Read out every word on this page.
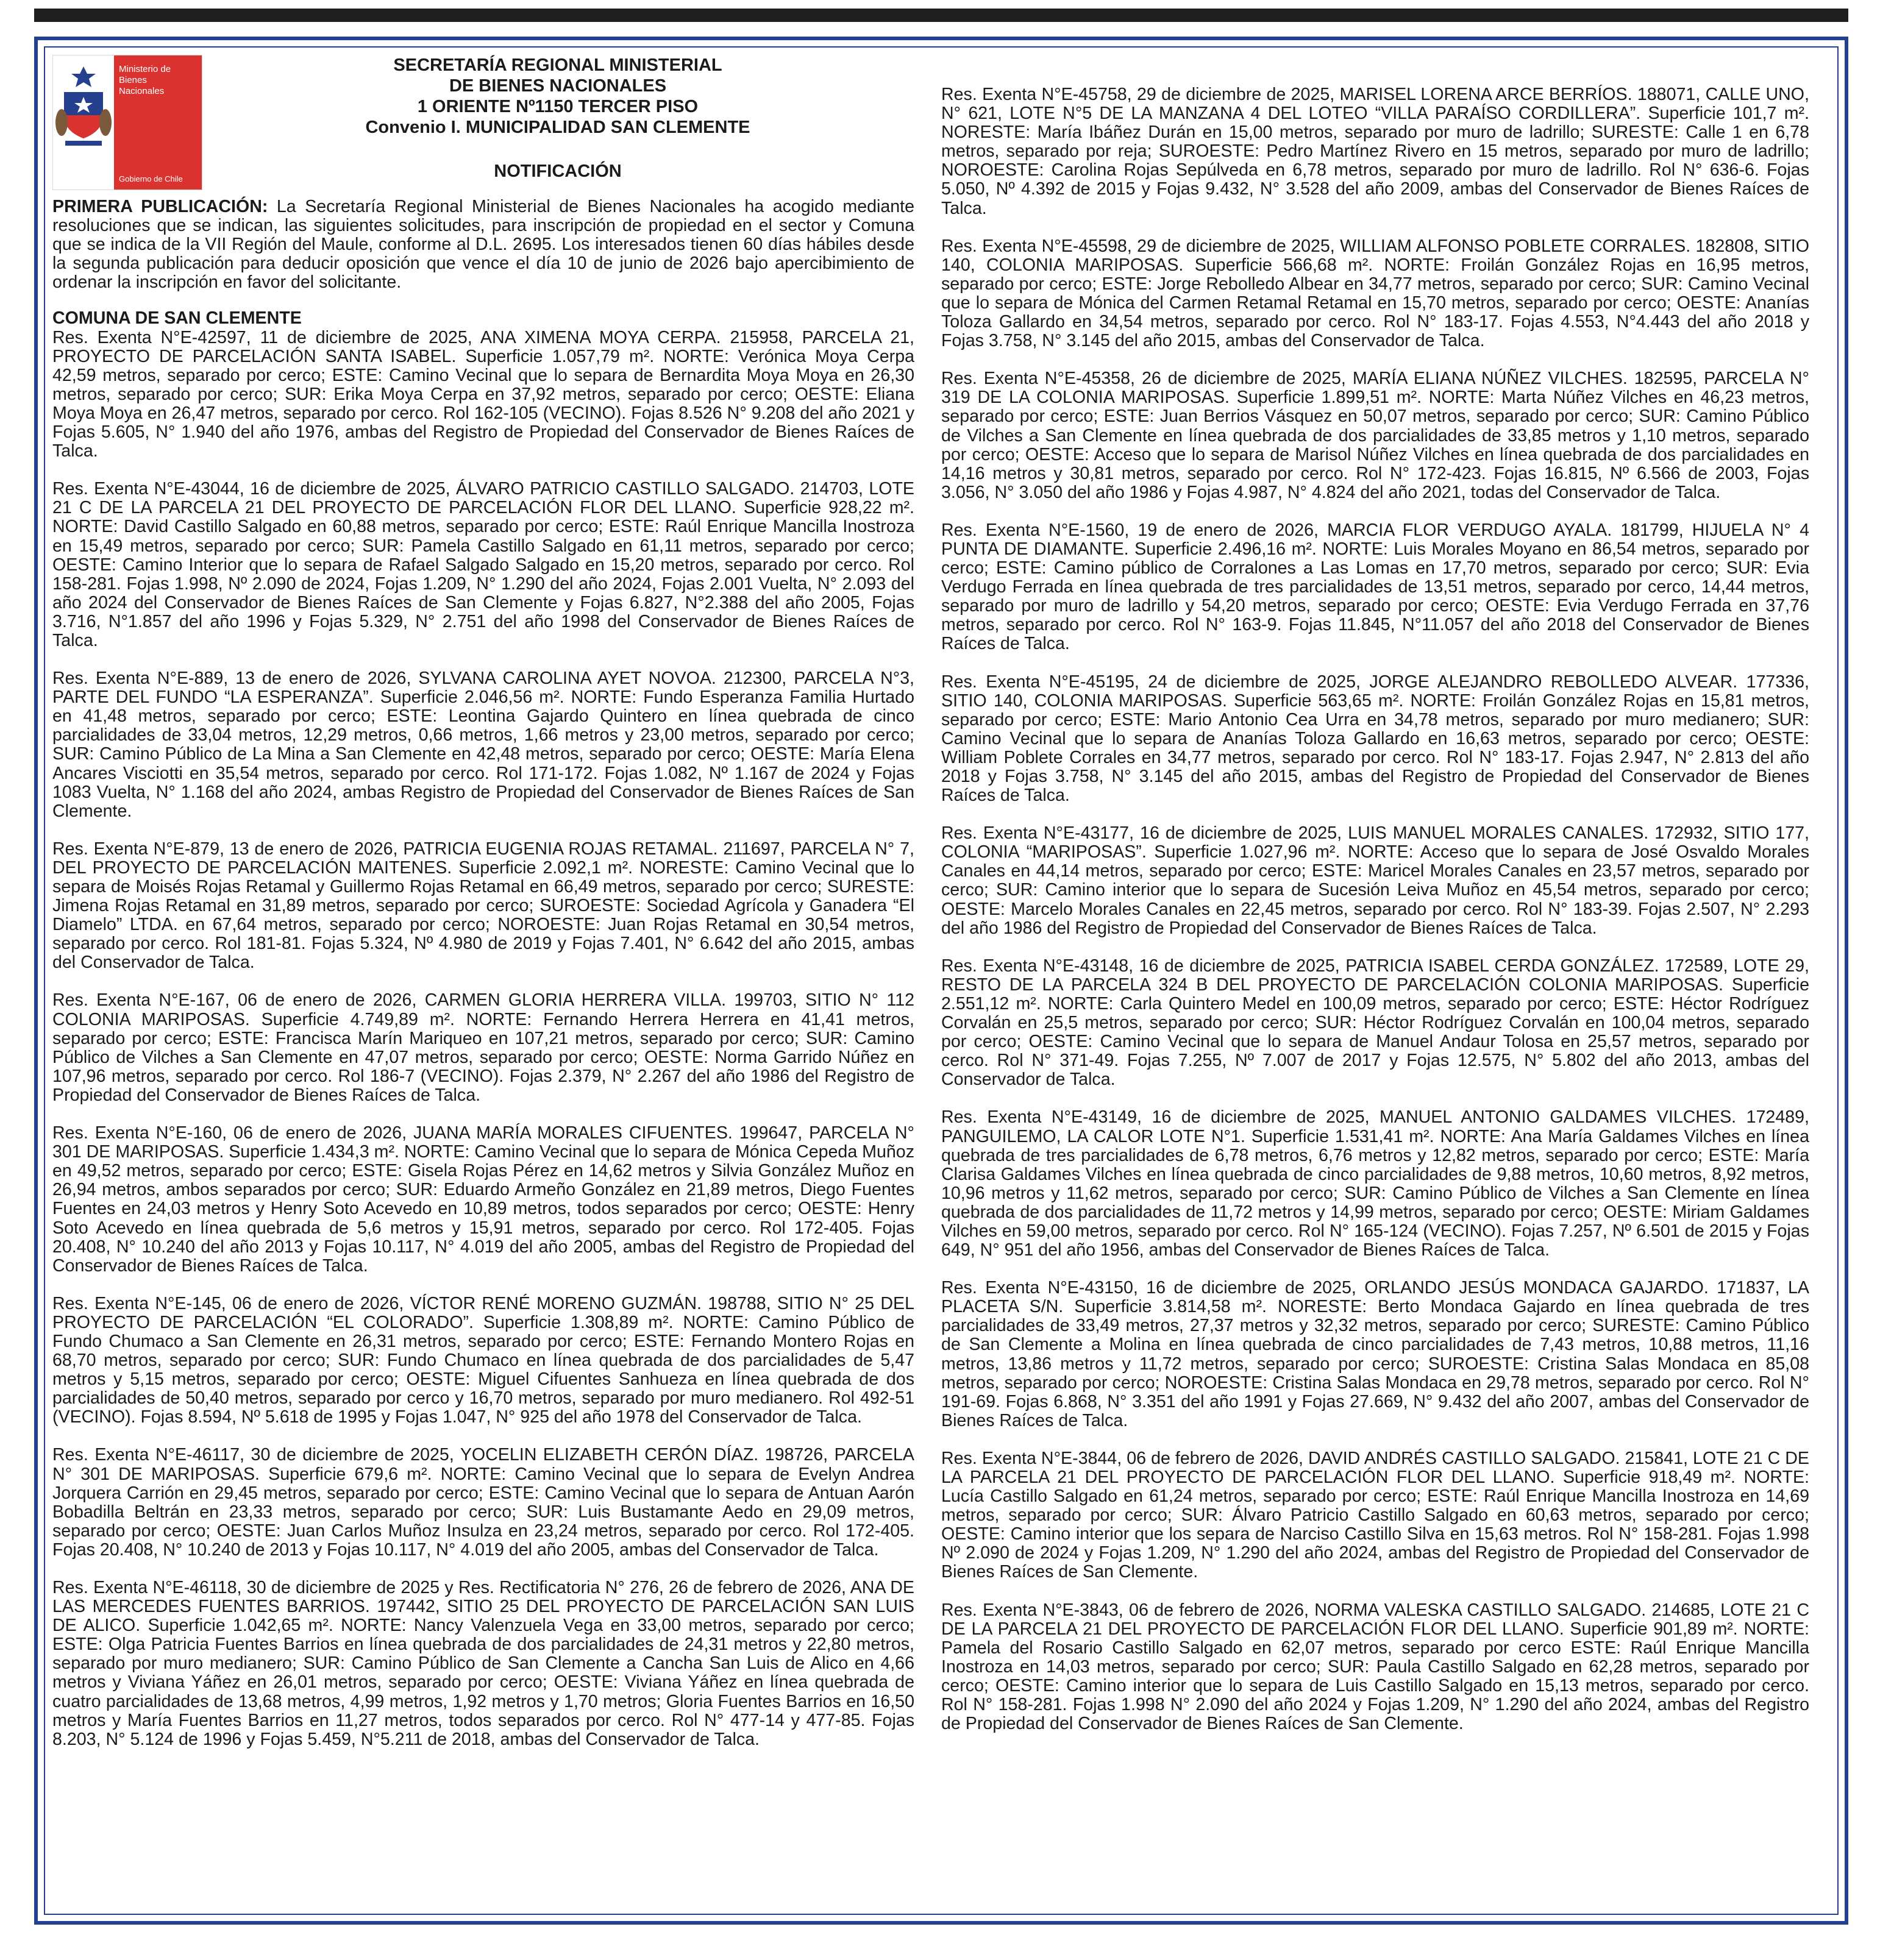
Ministerio de
Bienes
Nacionales
Gobierno de Chile
SECRETARÍA REGIONAL MINISTERIAL
DE BIENES NACIONALES
1 ORIENTE Nº1150 TERCER PISO
Convenio I. MUNICIPALIDAD SAN CLEMENTE
NOTIFICACIÓN

PRIMERA PUBLICACIÓN: La Secretaría Regional Ministerial de Bienes Nacionales ha acogido mediante resoluciones que se indican, las siguientes solicitudes, para inscripción de propiedad en el sector y Comuna que se indica de la VII Región del Maule, conforme al D.L. 2695. Los interesados tienen 60 días hábiles desde la segunda publicación para deducir oposición que vence el día 10 de junio de 2026 bajo apercibimiento de ordenar la inscripción en favor del solicitante.

COMUNA DE SAN CLEMENTE

Res. Exenta N°E-42597, 11 de diciembre de 2025, ANA XIMENA MOYA CERPA. 215958, PARCELA 21, PROYECTO DE PARCELACIÓN SANTA ISABEL. Superficie 1.057,79 m². NORTE: Verónica Moya Cerpa 42,59 metros, separado por cerco; ESTE: Camino Vecinal que lo separa de Bernardita Moya Moya en 26,30 metros, separado por cerco; SUR: Erika Moya Cerpa en 37,92 metros, separado por cerco; OESTE: Eliana Moya Moya en 26,47 metros, separado por cerco. Rol 162-105 (VECINO). Fojas 8.526 N° 9.208 del año 2021 y Fojas 5.605, N° 1.940 del año 1976, ambas del Registro de Propiedad del Conservador de Bienes Raíces de Talca.

Res. Exenta N°E-43044, 16 de diciembre de 2025, ÁLVARO PATRICIO CASTILLO SALGADO. 214703, LOTE 21 C DE LA PARCELA 21 DEL PROYECTO DE PARCELACIÓN FLOR DEL LLANO. Superficie 928,22 m². NORTE: David Castillo Salgado en 60,88 metros, separado por cerco; ESTE: Raúl Enrique Mancilla Inostroza en 15,49 metros, separado por cerco; SUR: Pamela Castillo Salgado en 61,11 metros, separado por cerco; OESTE: Camino Interior que lo separa de Rafael Salgado Salgado en 15,20 metros, separado por cerco. Rol 158-281. Fojas 1.998, Nº 2.090 de 2024, Fojas 1.209, N° 1.290 del año 2024, Fojas 2.001 Vuelta, N° 2.093 del año 2024 del Conservador de Bienes Raíces de San Clemente y Fojas 6.827, N°2.388 del año 2005, Fojas 3.716, N°1.857 del año 1996 y Fojas 5.329, N° 2.751 del año 1998 del Conservador de Bienes Raíces de Talca.

Res. Exenta N°E-889, 13 de enero de 2026, SYLVANA CAROLINA AYET NOVOA. 212300, PARCELA N°3, PARTE DEL FUNDO “LA ESPERANZA”. Superficie 2.046,56 m². NORTE: Fundo Esperanza Familia Hurtado en 41,48 metros, separado por cerco; ESTE: Leontina Gajardo Quintero en línea quebrada de cinco parcialidades de 33,04 metros, 12,29 metros, 0,66 metros, 1,66 metros y 23,00 metros, separado por cerco; SUR: Camino Público de La Mina a San Clemente en 42,48 metros, separado por cerco; OESTE: María Elena Ancares Visciotti en 35,54 metros, separado por cerco. Rol 171-172. Fojas 1.082, Nº 1.167 de 2024 y Fojas 1083 Vuelta, N° 1.168 del año 2024, ambas Registro de Propiedad del Conservador de Bienes Raíces de San Clemente.

Res. Exenta N°E-879, 13 de enero de 2026, PATRICIA EUGENIA ROJAS RETAMAL. 211697, PARCELA N° 7, DEL PROYECTO DE PARCELACIÓN MAITENES. Superficie 2.092,1 m². NORESTE: Camino Vecinal que lo separa de Moisés Rojas Retamal y Guillermo Rojas Retamal en 66,49 metros, separado por cerco; SURESTE: Jimena Rojas Retamal en 31,89 metros, separado por cerco; SUROESTE: Sociedad Agrícola y Ganadera “El Diamelo” LTDA. en 67,64 metros, separado por cerco; NOROESTE: Juan Rojas Retamal en 30,54 metros, separado por cerco. Rol 181-81. Fojas 5.324, Nº 4.980 de 2019 y Fojas 7.401, N° 6.642 del año 2015, ambas del Conservador de Talca.

Res. Exenta N°E-167, 06 de enero de 2026, CARMEN GLORIA HERRERA VILLA. 199703, SITIO N° 112 COLONIA MARIPOSAS. Superficie 4.749,89 m². NORTE: Fernando Herrera Herrera en 41,41 metros, separado por cerco; ESTE: Francisca Marín Mariqueo en 107,21 metros, separado por cerco; SUR: Camino Público de Vilches a San Clemente en 47,07 metros, separado por cerco; OESTE: Norma Garrido Núñez en 107,96 metros, separado por cerco. Rol 186-7 (VECINO). Fojas 2.379, N° 2.267 del año 1986 del Registro de Propiedad del Conservador de Bienes Raíces de Talca.

Res. Exenta N°E-160, 06 de enero de 2026, JUANA MARÍA MORALES CIFUENTES. 199647, PARCELA N° 301 DE MARIPOSAS. Superficie 1.434,3 m². NORTE: Camino Vecinal que lo separa de Mónica Cepeda Muñoz en 49,52 metros, separado por cerco; ESTE: Gisela Rojas Pérez en 14,62 metros y Silvia González Muñoz en 26,94 metros, ambos separados por cerco; SUR: Eduardo Armeño González en 21,89 metros, Diego Fuentes Fuentes en 24,03 metros y Henry Soto Acevedo en 10,89 metros, todos separados por cerco; OESTE: Henry Soto Acevedo en línea quebrada de 5,6 metros y 15,91 metros, separado por cerco. Rol 172-405. Fojas 20.408, N° 10.240 del año 2013 y Fojas 10.117, N° 4.019 del año 2005, ambas del Registro de Propiedad del Conservador de Bienes Raíces de Talca.

Res. Exenta N°E-145, 06 de enero de 2026, VÍCTOR RENÉ MORENO GUZMÁN. 198788, SITIO N° 25 DEL PROYECTO DE PARCELACIÓN “EL COLORADO”. Superficie 1.308,89 m². NORTE: Camino Público de Fundo Chumaco a San Clemente en 26,31 metros, separado por cerco; ESTE: Fernando Montero Rojas en 68,70 metros, separado por cerco; SUR: Fundo Chumaco en línea quebrada de dos parcialidades de 5,47 metros y 5,15 metros, separado por cerco; OESTE: Miguel Cifuentes Sanhueza en línea quebrada de dos parcialidades de 50,40 metros, separado por cerco y 16,70 metros, separado por muro medianero. Rol 492-51 (VECINO). Fojas 8.594, Nº 5.618 de 1995 y Fojas 1.047, N° 925 del año 1978 del Conservador de Talca.

Res. Exenta N°E-46117, 30 de diciembre de 2025, YOCELIN ELIZABETH CERÓN DÍAZ. 198726, PARCELA N° 301 DE MARIPOSAS. Superficie 679,6 m². NORTE: Camino Vecinal que lo separa de Evelyn Andrea Jorquera Carrión en 29,45 metros, separado por cerco; ESTE: Camino Vecinal que lo separa de Antuan Aarón Bobadilla Beltrán en 23,33 metros, separado por cerco; SUR: Luis Bustamante Aedo en 29,09 metros, separado por cerco; OESTE: Juan Carlos Muñoz Insulza en 23,24 metros, separado por cerco. Rol 172-405. Fojas 20.408, N° 10.240 de 2013 y Fojas 10.117, N° 4.019 del año 2005, ambas del Conservador de Talca.

Res. Exenta N°E-46118, 30 de diciembre de 2025 y Res. Rectificatoria N° 276, 26 de febrero de 2026, ANA DE LAS MERCEDES FUENTES BARRIOS. 197442, SITIO 25 DEL PROYECTO DE PARCELACIÓN SAN LUIS DE ALICO. Superficie 1.042,65 m². NORTE: Nancy Valenzuela Vega en 33,00 metros, separado por cerco; ESTE: Olga Patricia Fuentes Barrios en línea quebrada de dos parcialidades de 24,31 metros y 22,80 metros, separado por muro medianero; SUR: Camino Público de San Clemente a Cancha San Luis de Alico en 4,66 metros y Viviana Yáñez en 26,01 metros, separado por cerco; OESTE: Viviana Yáñez en línea quebrada de cuatro parcialidades de 13,68 metros, 4,99 metros, 1,92 metros y 1,70 metros; Gloria Fuentes Barrios en 16,50 metros y María Fuentes Barrios en 11,27 metros, todos separados por cerco. Rol N° 477-14 y 477-85. Fojas 8.203, N° 5.124 de 1996 y Fojas 5.459, N°5.211 de 2018, ambas del Conservador de Talca.

Res. Exenta N°E-45758, 29 de diciembre de 2025, MARISEL LORENA ARCE BERRÍOS. 188071, CALLE UNO, N° 621, LOTE N°5 DE LA MANZANA 4 DEL LOTEO “VILLA PARAÍSO CORDILLERA”. Superficie 101,7 m². NORESTE: María Ibáñez Durán en 15,00 metros, separado por muro de ladrillo; SURESTE: Calle 1 en 6,78 metros, separado por reja; SUROESTE: Pedro Martínez Rivero en 15 metros, separado por muro de ladrillo; NOROESTE: Carolina Rojas Sepúlveda en 6,78 metros, separado por muro de ladrillo. Rol N° 636-6. Fojas 5.050, Nº 4.392 de 2015 y Fojas 9.432, N° 3.528 del año 2009, ambas del Conservador de Bienes Raíces de Talca.

Res. Exenta N°E-45598, 29 de diciembre de 2025, WILLIAM ALFONSO POBLETE CORRALES. 182808, SITIO 140, COLONIA MARIPOSAS. Superficie 566,68 m². NORTE: Froilán González Rojas en 16,95 metros, separado por cerco; ESTE: Jorge Rebolledo Albear en 34,77 metros, separado por cerco; SUR: Camino Vecinal que lo separa de Mónica del Carmen Retamal Retamal en 15,70 metros, separado por cerco; OESTE: Ananías Toloza Gallardo en 34,54 metros, separado por cerco. Rol N° 183-17. Fojas 4.553, N°4.443 del año 2018 y Fojas 3.758, N° 3.145 del año 2015, ambas del Conservador de Talca.

Res. Exenta N°E-45358, 26 de diciembre de 2025, MARÍA ELIANA NÚÑEZ VILCHES. 182595, PARCELA N° 319 DE LA COLONIA MARIPOSAS. Superficie 1.899,51 m². NORTE: Marta Núñez Vilches en 46,23 metros, separado por cerco; ESTE: Juan Berrios Vásquez en 50,07 metros, separado por cerco; SUR: Camino Público de Vilches a San Clemente en línea quebrada de dos parcialidades de 33,85 metros y 1,10 metros, separado por cerco; OESTE: Acceso que lo separa de Marisol Núñez Vilches en línea quebrada de dos parcialidades en 14,16 metros y 30,81 metros, separado por cerco. Rol N° 172-423. Fojas 16.815, Nº 6.566 de 2003, Fojas 3.056, N° 3.050 del año 1986 y Fojas 4.987, N° 4.824 del año 2021, todas del Conservador de Talca.

Res. Exenta N°E-1560, 19 de enero de 2026, MARCIA FLOR VERDUGO AYALA. 181799, HIJUELA N° 4 PUNTA DE DIAMANTE. Superficie 2.496,16 m². NORTE: Luis Morales Moyano en 86,54 metros, separado por cerco; ESTE: Camino público de Corralones a Las Lomas en 17,70 metros, separado por cerco; SUR: Evia Verdugo Ferrada en línea quebrada de tres parcialidades de 13,51 metros, separado por cerco, 14,44 metros, separado por muro de ladrillo y 54,20 metros, separado por cerco; OESTE: Evia Verdugo Ferrada en 37,76 metros, separado por cerco. Rol N° 163-9. Fojas 11.845, N°11.057 del año 2018 del Conservador de Bienes Raíces de Talca.

Res. Exenta N°E-45195, 24 de diciembre de 2025, JORGE ALEJANDRO REBOLLEDO ALVEAR. 177336, SITIO 140, COLONIA MARIPOSAS. Superficie 563,65 m². NORTE: Froilán González Rojas en 15,81 metros, separado por cerco; ESTE: Mario Antonio Cea Urra en 34,78 metros, separado por muro medianero; SUR: Camino Vecinal que lo separa de Ananías Toloza Gallardo en 16,63 metros, separado por cerco; OESTE: William Poblete Corrales en 34,77 metros, separado por cerco. Rol N° 183-17. Fojas 2.947, N° 2.813 del año 2018 y Fojas 3.758, N° 3.145 del año 2015, ambas del Registro de Propiedad del Conservador de Bienes Raíces de Talca.

Res. Exenta N°E-43177, 16 de diciembre de 2025, LUIS MANUEL MORALES CANALES. 172932, SITIO 177, COLONIA “MARIPOSAS”. Superficie 1.027,96 m². NORTE: Acceso que lo separa de José Osvaldo Morales Canales en 44,14 metros, separado por cerco; ESTE: Maricel Morales Canales en 23,57 metros, separado por cerco; SUR: Camino interior que lo separa de Sucesión Leiva Muñoz en 45,54 metros, separado por cerco; OESTE: Marcelo Morales Canales en 22,45 metros, separado por cerco. Rol N° 183-39. Fojas 2.507, N° 2.293 del año 1986 del Registro de Propiedad del Conservador de Bienes Raíces de Talca.

Res. Exenta N°E-43148, 16 de diciembre de 2025, PATRICIA ISABEL CERDA GONZÁLEZ. 172589, LOTE 29, RESTO DE LA PARCELA 324 B DEL PROYECTO DE PARCELACIÓN COLONIA MARIPOSAS. Superficie 2.551,12 m². NORTE: Carla Quintero Medel en 100,09 metros, separado por cerco; ESTE: Héctor Rodríguez Corvalán en 25,5 metros, separado por cerco; SUR: Héctor Rodríguez Corvalán en 100,04 metros, separado por cerco; OESTE: Camino Vecinal que lo separa de Manuel Andaur Tolosa en 25,57 metros, separado por cerco. Rol N° 371-49. Fojas 7.255, Nº 7.007 de 2017 y Fojas 12.575, N° 5.802 del año 2013, ambas del Conservador de Talca.

Res. Exenta N°E-43149, 16 de diciembre de 2025, MANUEL ANTONIO GALDAMES VILCHES. 172489, PANGUILEMO, LA CALOR LOTE N°1. Superficie 1.531,41 m². NORTE: Ana María Galdames Vilches en línea quebrada de tres parcialidades de 6,78 metros, 6,76 metros y 12,82 metros, separado por cerco; ESTE: María Clarisa Galdames Vilches en línea quebrada de cinco parcialidades de 9,88 metros, 10,60 metros, 8,92 metros, 10,96 metros y 11,62 metros, separado por cerco; SUR: Camino Público de Vilches a San Clemente en línea quebrada de dos parcialidades de 11,72 metros y 14,99 metros, separado por cerco; OESTE: Miriam Galdames Vilches en 59,00 metros, separado por cerco. Rol N° 165-124 (VECINO). Fojas 7.257, Nº 6.501 de 2015 y Fojas 649, N° 951 del año 1956, ambas del Conservador de Bienes Raíces de Talca.

Res. Exenta N°E-43150, 16 de diciembre de 2025, ORLANDO JESÚS MONDACA GAJARDO. 171837, LA PLACETA S/N. Superficie 3.814,58 m². NORESTE: Berto Mondaca Gajardo en línea quebrada de tres parcialidades de 33,49 metros, 27,37 metros y 32,32 metros, separado por cerco; SURESTE: Camino Público de San Clemente a Molina en línea quebrada de cinco parcialidades de 7,43 metros, 10,88 metros, 11,16 metros, 13,86 metros y 11,72 metros, separado por cerco; SUROESTE: Cristina Salas Mondaca en 85,08 metros, separado por cerco; NOROESTE: Cristina Salas Mondaca en 29,78 metros, separado por cerco. Rol N° 191-69. Fojas 6.868, N° 3.351 del año 1991 y Fojas 27.669, N° 9.432 del año 2007, ambas del Conservador de Bienes Raíces de Talca.

Res. Exenta N°E-3844, 06 de febrero de 2026, DAVID ANDRÉS CASTILLO SALGADO. 215841, LOTE 21 C DE LA PARCELA 21 DEL PROYECTO DE PARCELACIÓN FLOR DEL LLANO. Superficie 918,49 m². NORTE: Lucía Castillo Salgado en 61,24 metros, separado por cerco; ESTE: Raúl Enrique Mancilla Inostroza en 14,69 metros, separado por cerco; SUR: Álvaro Patricio Castillo Salgado en 60,63 metros, separado por cerco; OESTE: Camino interior que los separa de Narciso Castillo Silva en 15,63 metros. Rol N° 158-281. Fojas 1.998 Nº 2.090 de 2024 y Fojas 1.209, N° 1.290 del año 2024, ambas del Registro de Propiedad del Conservador de Bienes Raíces de San Clemente.

Res. Exenta N°E-3843, 06 de febrero de 2026, NORMA VALESKA CASTILLO SALGADO. 214685, LOTE 21 C DE LA PARCELA 21 DEL PROYECTO DE PARCELACIÓN FLOR DEL LLANO. Superficie 901,89 m². NORTE: Pamela del Rosario Castillo Salgado en 62,07 metros, separado por cerco ESTE: Raúl Enrique Mancilla Inostroza en 14,03 metros, separado por cerco; SUR: Paula Castillo Salgado en 62,28 metros, separado por cerco; OESTE: Camino interior que lo separa de Luis Castillo Salgado en 15,13 metros, separado por cerco. Rol N° 158-281. Fojas 1.998 N° 2.090 del año 2024 y Fojas 1.209, N° 1.290 del año 2024, ambas del Registro de Propiedad del Conservador de Bienes Raíces de San Clemente.
